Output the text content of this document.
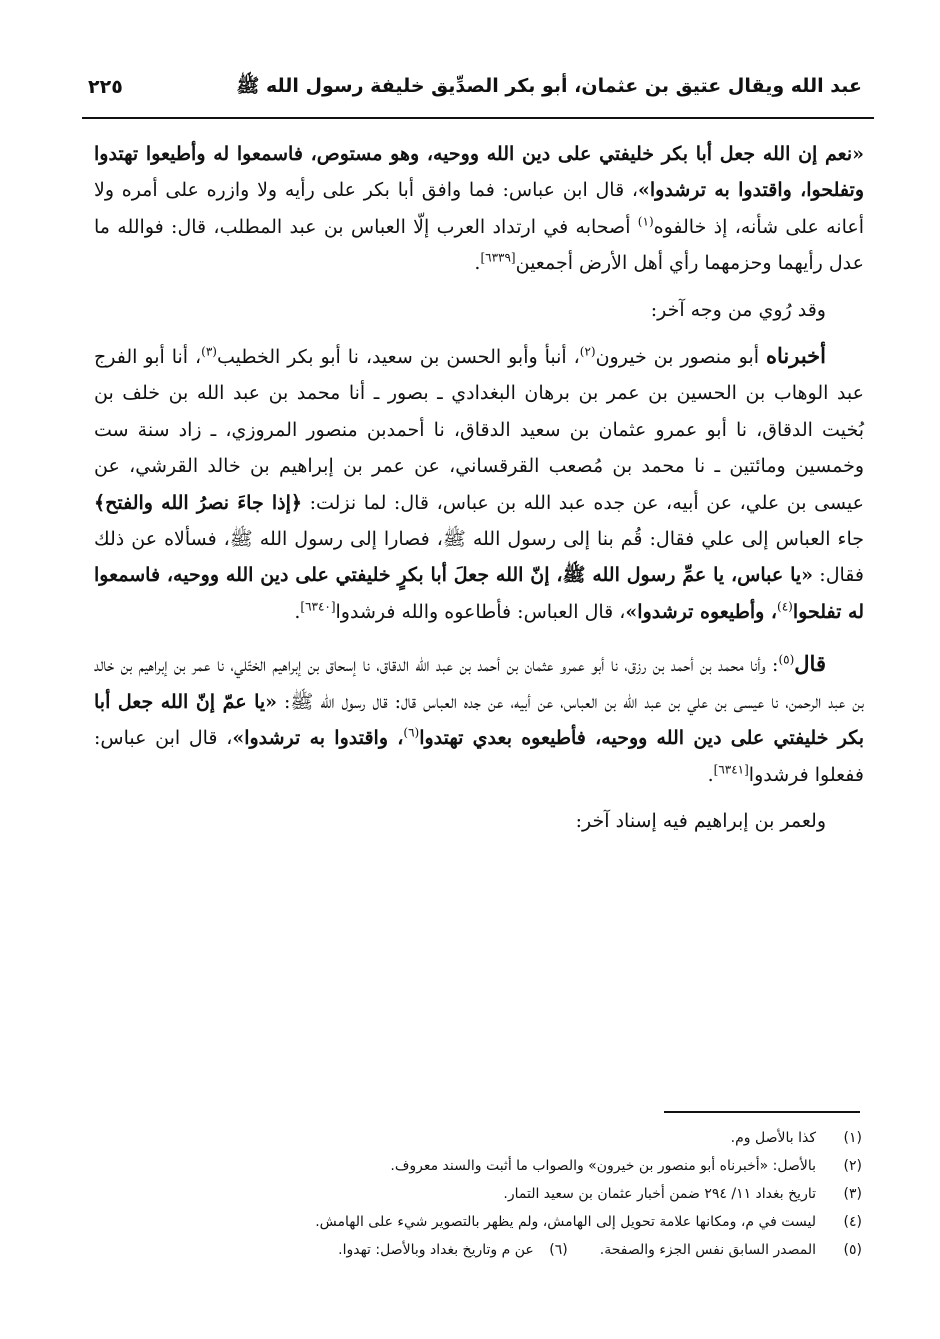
عبد الله ويقال عتيق بن عثمان، أبو بكر الصدِّيق خليفة رسول الله ﷺ
٢٢٥

«نعم إن الله جعل أبا بكر خليفتي على دين الله ووحيه، وهو مستوص، فاسمعوا له وأطيعوا تهتدوا وتفلحوا، واقتدوا به ترشدوا»، قال ابن عباس: فما وافق أبا بكر على رأيه ولا وازره على أمره ولا أعانه على شأنه، إذ خالفوه$^{(١)}$ أصحابه في ارتداد العرب إلّا العباس بن عبد المطلب، قال: فوالله ما عدل رأيهما وحزمهما رأي أهل الأرض أجمعين[٦٣٣٩].

وقد رُوي من وجه آخر:

أخبرناه أبو منصور بن خيرون$^{(٢)}$، أنبأ وأبو الحسن بن سعيد، نا أبو بكر الخطيب$^{(٣)}$، أنا أبو الفرج عبد الوهاب بن الحسين بن عمر بن برهان البغدادي ـ بصور ـ أنا محمد بن عبد الله بن خلف بن بُخيت الدقاق، نا أبو عمرو عثمان بن سعيد الدقاق، نا أحمدبن منصور المروزي، ـ زاد سنة ست وخمسين ومائتين ـ نا محمد بن مُصعب القرقساني، عن عمر بن إبراهيم بن خالد القرشي، عن عيسى بن علي، عن أبيه، عن جده عبد الله بن عباس، قال: لما نزلت: ﴿إذا جاءَ نصرُ الله والفتح﴾ جاء العباس إلى علي فقال: قُم بنا إلى رسول الله ﷺ، فصارا إلى رسول الله ﷺ، فسألاه عن ذلك فقال: «يا عباس، يا عمِّ رسول الله ﷺ، إنّ الله جعلَ أبا بكرٍ خليفتي على دين الله ووحيه، فاسمعوا له تفلحوا$^{(٤)}$، وأطيعوه ترشدوا»، قال العباس: فأطاعوه والله فرشدوا[٦٣٤٠].

قال$^{(٥)}$: وأنا محمد بن أحمد بن رزق، نا أبو عمرو عثمان بن أحمد بن عبد الله الدقاق، نا إسحاق بن إبراهيم الختّلي، نا عمر بن إبراهيم بن خالد بن عبد الرحمن، نا عيسى بن علي بن عبد الله بن العباس، عن أبيه، عن جده العباس قال: قال رسول الله ﷺ: «يا عمّ إنّ الله جعل أبا بكر خليفتي على دين الله ووحيه، فأطيعوه بعدي تهتدوا$^{(٦)}$، واقتدوا به ترشدوا»، قال ابن عباس: ففعلوا فرشدوا[٦٣٤١].

ولعمر بن إبراهيم فيه إسناد آخر:

(١)
كذا بالأصل وم.
(٢)
بالأصل: «أخبرناه أبو منصور بن خيرون» والصواب ما أثبت والسند معروف.
(٣)
تاريخ بغداد ١١/ ٢٩٤ ضمن أخبار عثمان بن سعيد التمار.
(٤)
ليست في م، ومكانها علامة تحويل إلى الهامش، ولم يظهر بالتصوير شيء على الهامش.
(٥)
المصدر السابق نفس الجزء والصفحة.
(٦)
عن م وتاريخ بغداد وبالأصل: تهدوا.
